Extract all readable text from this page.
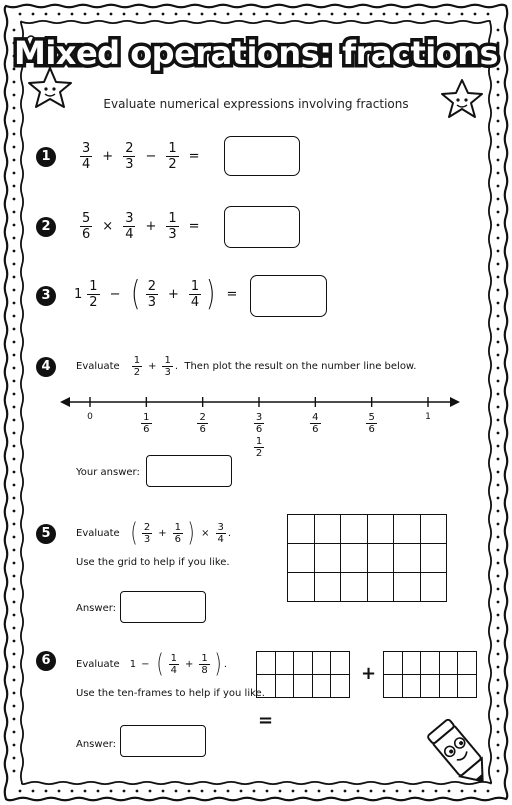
Mixed operations: fractions
Evaluate numerical expressions involving fractions
1	$\frac{3}{4} + \frac{2}{3} - \frac{1}{2}$ =
2	$\frac{5}{6} \times \frac{3}{4} + \frac{1}{3}$ =
3	$1 \frac{1}{2}$ − ( $\frac{2}{3} + \frac{1}{4}$ ) =
4	Evaluate $\frac{1}{2} + \frac{1}{3}$ .  Then plot the result on the number line below.
0	$\frac{1}{6}$	$\frac{2}{6}$	$\frac{3}{6}$
$\frac{1}{2}$
$\frac{4}{6}$	$\frac{5}{6}$	1
Your answer:
5	Evaluate ( $\frac{2}{3} + \frac{1}{6}$ ) × $\frac{3}{4}$ .
Use the grid to help if you like.
Answer:

6	Evaluate 1 − ( $\frac{1}{4} + \frac{1}{8}$ ) .
Use the ten-frames to help if you like.

+

=
Answer:
